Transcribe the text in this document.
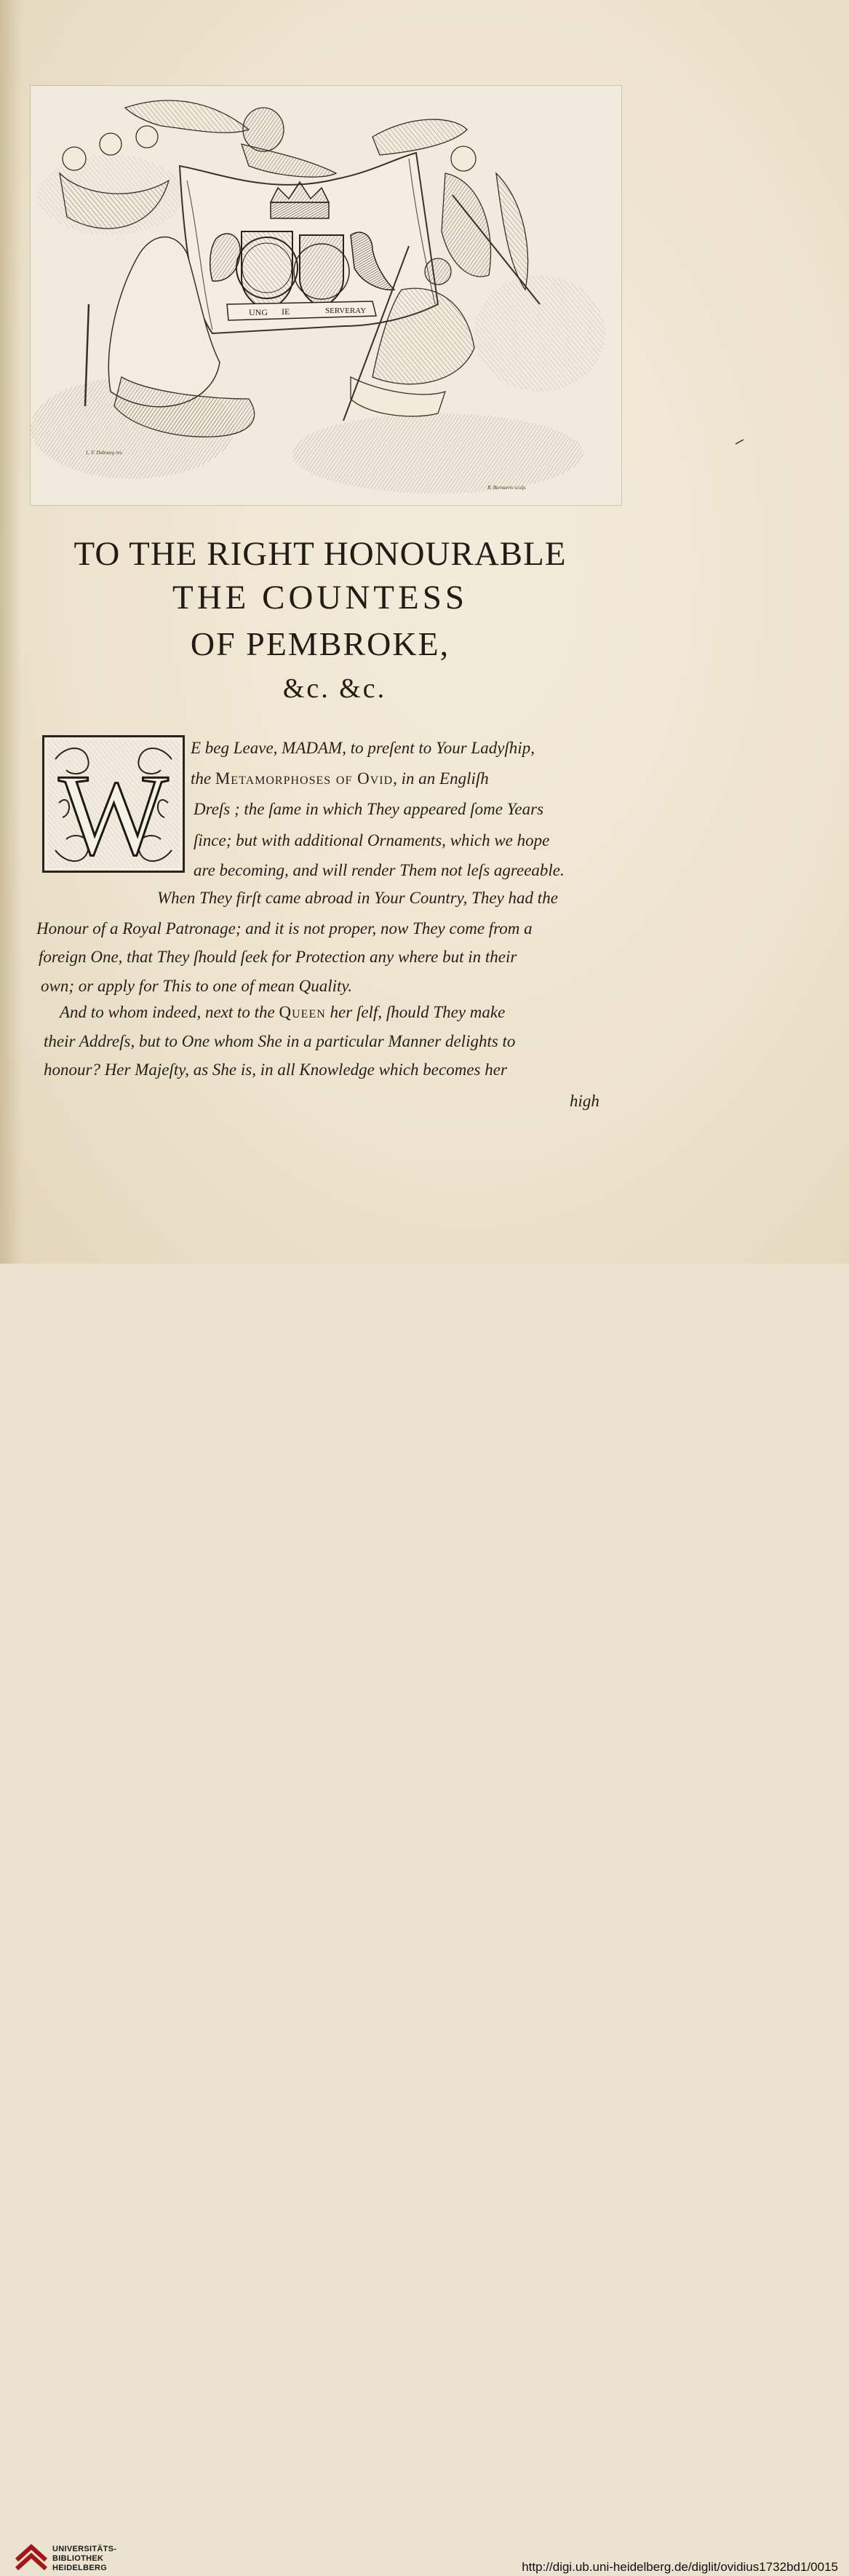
UNG IE	SERVERAY
L. F. Dubourg inv.
B. Bernaerts sculp.
TO THE RIGHT HONOURABLE
THE COUNTESS
OF PEMBROKE,
&c. &c.
W
E beg Leave, MADAM, to preſent to Your Ladyſhip,
the Metamorphoses of Ovid, in an Engliſh
Dreſs ; the ſame in which They appeared ſome Years
ſince; but with additional Ornaments, which we hope
are becoming, and will render Them not leſs agreeable.
When They firſt came abroad in Your Country, They had the
Honour of a Royal Patronage; and it is not proper, now They come from a
foreign One, that They ſhould ſeek for Protection any where but in their
own; or apply for This to one of mean Quality.
And to whom indeed, next to the Queen her ſelf, ſhould They make
their Addreſs, but to One whom She in a particular Manner delights to
honour? Her Majeſty, as She is, in all Knowledge which becomes her
high
UNIVERSITÄTS-
BIBLIOTHEK
HEIDELBERG	http://digi.ub.uni-heidelberg.de/diglit/ovidius1732bd1/0015
